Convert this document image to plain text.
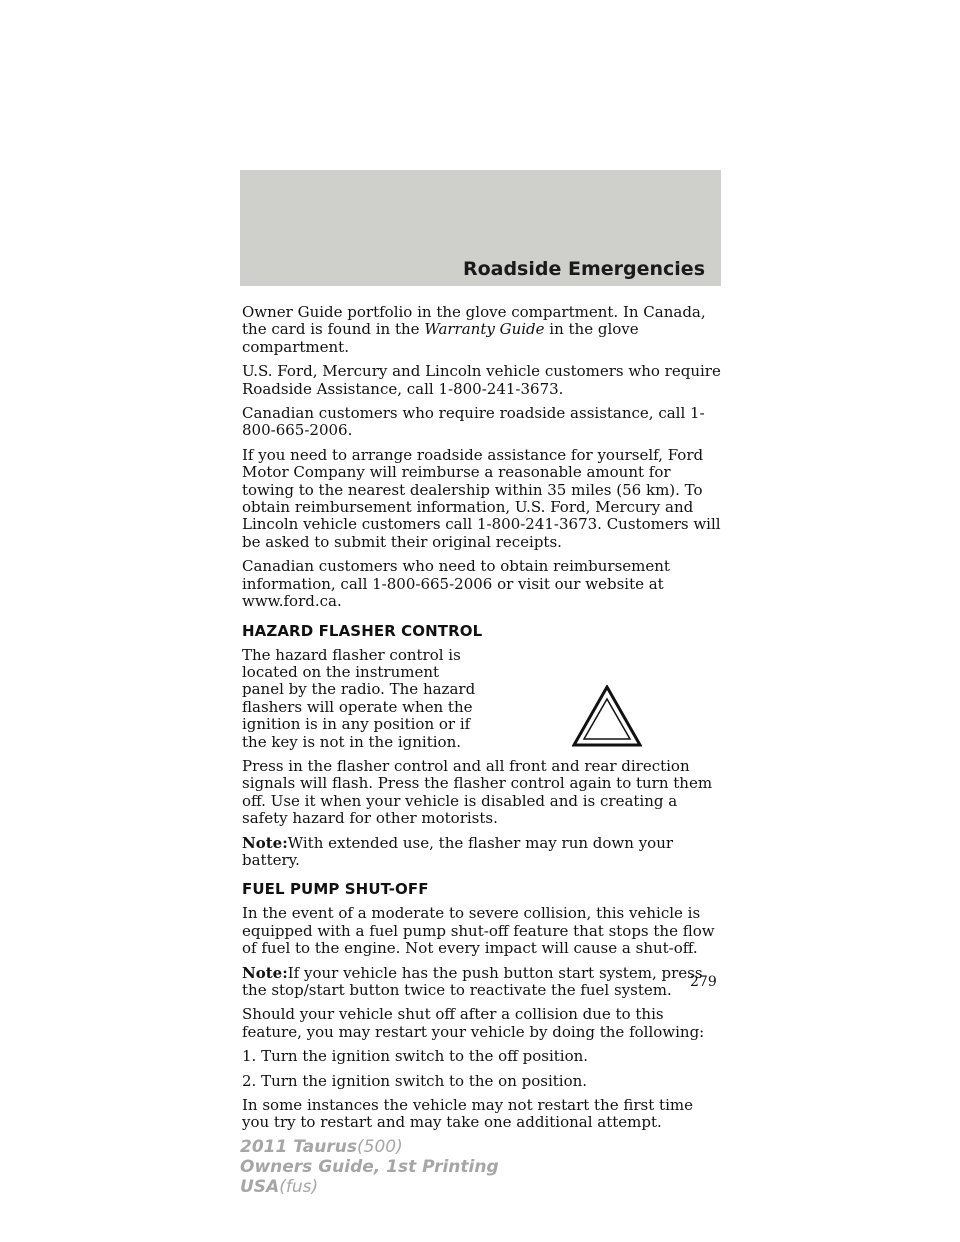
Roadside Emergencies

Owner Guide portfolio in the glove compartment. In Canada, the card is found in the Warranty Guide in the glove compartment.

U.S. Ford, Mercury and Lincoln vehicle customers who require Roadside Assistance, call 1-800-241-3673.

Canadian customers who require roadside assistance, call 1-800-665-2006.

If you need to arrange roadside assistance for yourself, Ford Motor Company will reimburse a reasonable amount for towing to the nearest dealership within 35 miles (56 km). To obtain reimbursement information, U.S. Ford, Mercury and Lincoln vehicle customers call 1-800-241-3673. Customers will be asked to submit their original receipts.

Canadian customers who need to obtain reimbursement information, call 1-800-665-2006 or visit our website at www.ford.ca.

HAZARD FLASHER CONTROL

The hazard flasher control is located on the instrument panel by the radio. The hazard flashers will operate when the ignition is in any position or if the key is not in the ignition.

Press in the flasher control and all front and rear direction signals will flash. Press the flasher control again to turn them off. Use it when your vehicle is disabled and is creating a safety hazard for other motorists.

Note:With extended use, the flasher may run down your battery.

FUEL PUMP SHUT-OFF

In the event of a moderate to severe collision, this vehicle is equipped with a fuel pump shut-off feature that stops the flow of fuel to the engine. Not every impact will cause a shut-off.

Note:If your vehicle has the push button start system, press the stop/start button twice to reactivate the fuel system.

Should your vehicle shut off after a collision due to this feature, you may restart your vehicle by doing the following:

1. Turn the ignition switch to the off position.

2. Turn the ignition switch to the on position.

In some instances the vehicle may not restart the first time you try to restart and may take one additional attempt.

279
2011 Taurus(500)
Owners Guide, 1st Printing
USA(fus)
